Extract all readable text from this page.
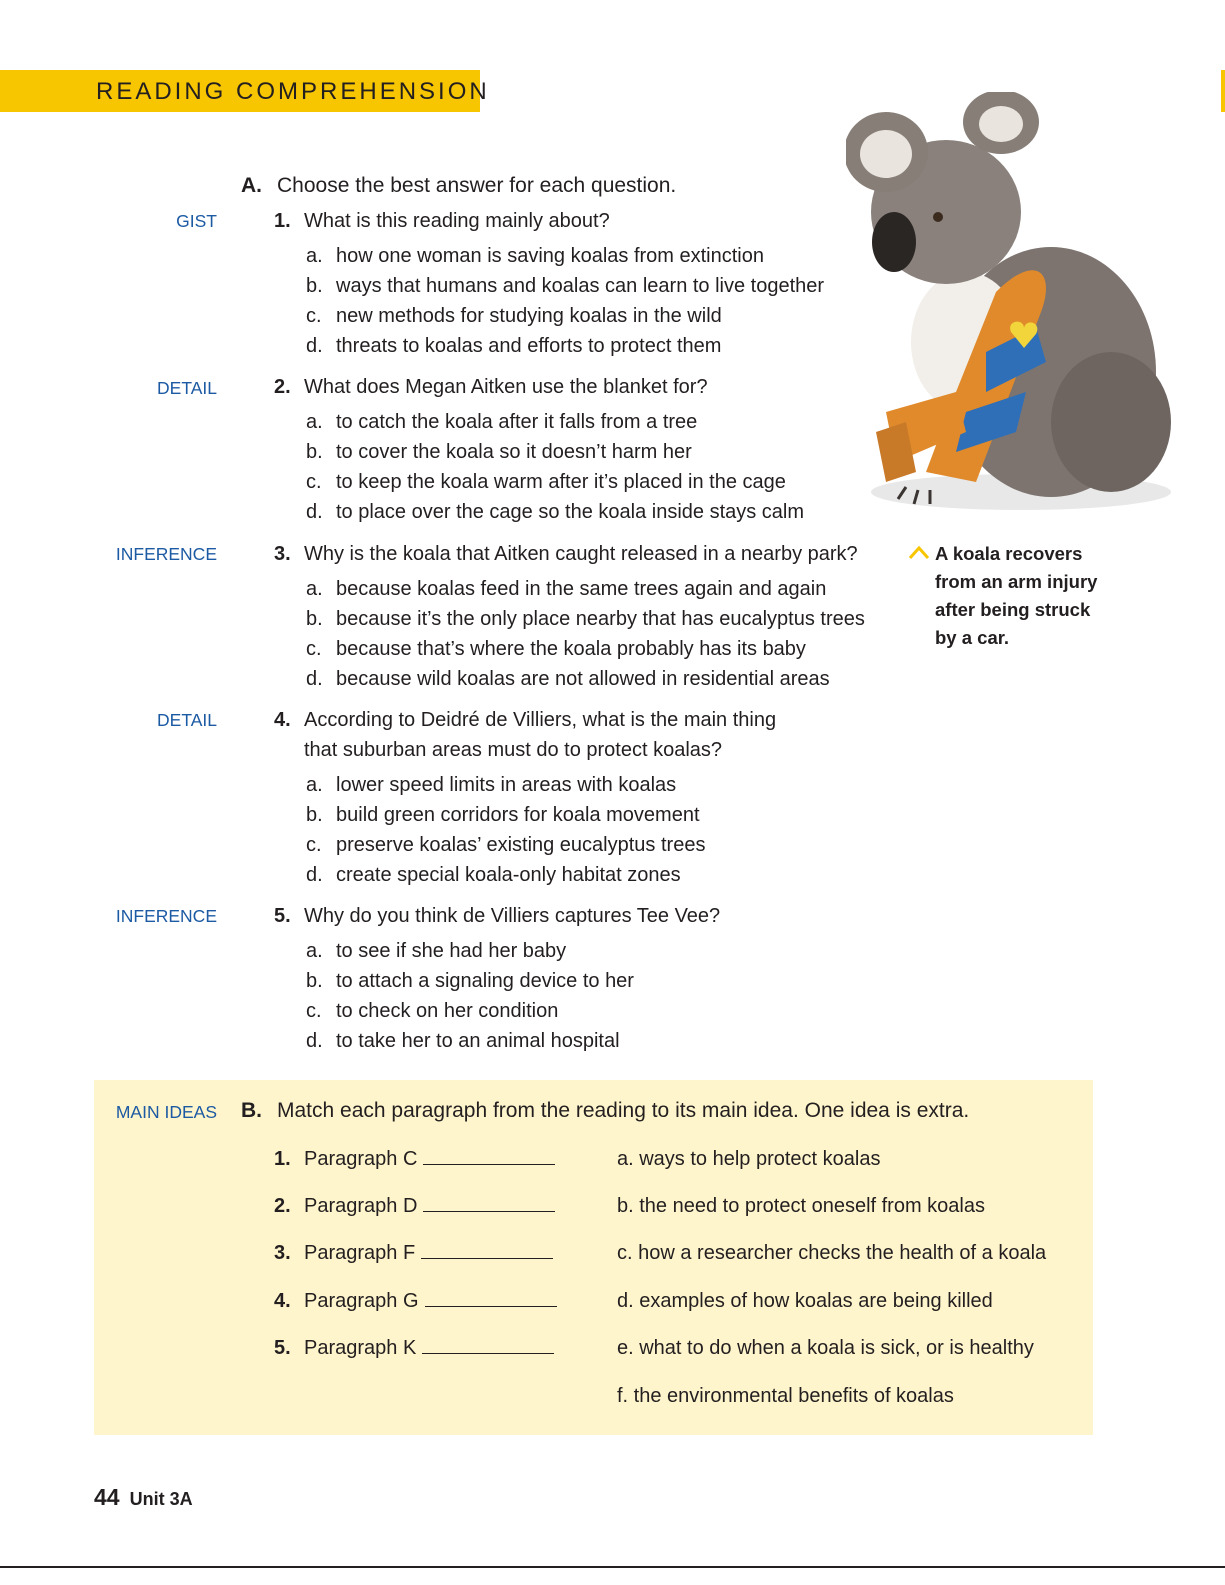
READING COMPREHENSION
A koala recovers from an arm injury after being struck by a car.
A. Choose the best answer for each question.
GIST	1. What is this reading mainly about?
a. how one woman is saving koalas from extinction
b. ways that humans and koalas can learn to live together
c. new methods for studying koalas in the wild
d. threats to koalas and efforts to protect them
DETAIL	2. What does Megan Aitken use the blanket for?
a. to catch the koala after it falls from a tree
b. to cover the koala so it doesn’t harm her
c. to keep the koala warm after it’s placed in the cage
d. to place over the cage so the koala inside stays calm
INFERENCE	3. Why is the koala that Aitken caught released in a nearby park?
a. because koalas feed in the same trees again and again
b. because it’s the only place nearby that has eucalyptus trees
c. because that’s where the koala probably has its baby
d. because wild koalas are not allowed in residential areas
DETAIL	4. According to Deidré de Villiers, what is the main thing
that suburban areas must do to protect koalas?
a. lower speed limits in areas with koalas
b. build green corridors for koala movement
c. preserve koalas’ existing eucalyptus trees
d. create special koala-only habitat zones
INFERENCE	5. Why do you think de Villiers captures Tee Vee?
a. to see if she had her baby
b. to attach a signaling device to her
c. to check on her condition
d. to take her to an animal hospital
MAIN IDEAS B. Match each paragraph from the reading to its main idea. One idea is extra.
1. Paragraph C
2. Paragraph D
3. Paragraph F
4. Paragraph G
5. Paragraph K
a. ways to help protect koalas
b. the need to protect oneself from koalas
c. how a researcher checks the health of a koala
d. examples of how koalas are being killed
e. what to do when a koala is sick, or is healthy
f. the environmental benefits of koalas
44 Unit 3A
